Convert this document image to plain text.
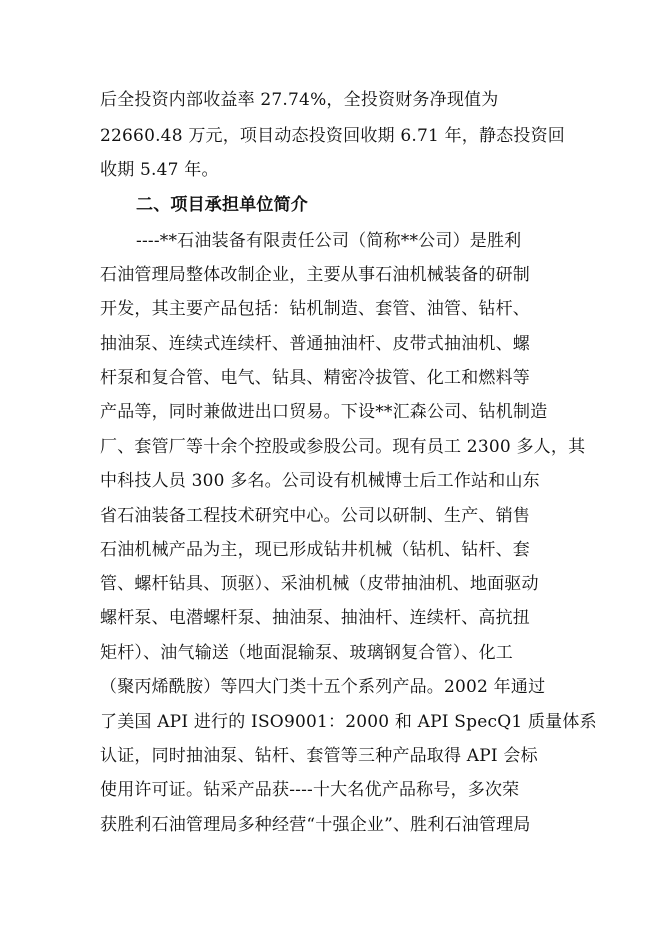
后全投资内部收益率 27.74%，全投资财务净现值为
22660.48 万元，项目动态投资回收期 6.71 年，静态投资回
收期 5.47 年。
二、项目承担单位简介
----**石油装备有限责任公司（简称**公司）是胜利
石油管理局整体改制企业，主要从事石油机械装备的研制
开发，其主要产品包括：钻机制造、套管、油管、钻杆、
抽油泵、连续式连续杆、普通抽油杆、皮带式抽油机、螺
杆泵和复合管、电气、钻具、精密冷拔管、化工和燃料等
产品等，同时兼做进出口贸易。下设**汇森公司、钻机制造
厂、套管厂等十余个控股或参股公司。现有员工 2300 多人，其
中科技人员 300 多名。公司设有机械博士后工作站和山东
省石油装备工程技术研究中心。公司以研制、生产、销售
石油机械产品为主，现已形成钻井机械（钻机、钻杆、套
管、螺杆钻具、顶驱）、采油机械（皮带抽油机、地面驱动
螺杆泵、电潜螺杆泵、抽油泵、抽油杆、连续杆、高抗扭
矩杆）、油气输送（地面混输泵、玻璃钢复合管）、化工
（聚丙烯酰胺）等四大门类十五个系列产品。2002 年通过
了美国 API 进行的 ISO9001：2000 和 API SpecQ1 质量体系
认证，同时抽油泵、钻杆、套管等三种产品取得 API 会标
使用许可证。钻采产品获----十大名优产品称号，多次荣
获胜利石油管理局多种经营“十强企业”、胜利石油管理局
